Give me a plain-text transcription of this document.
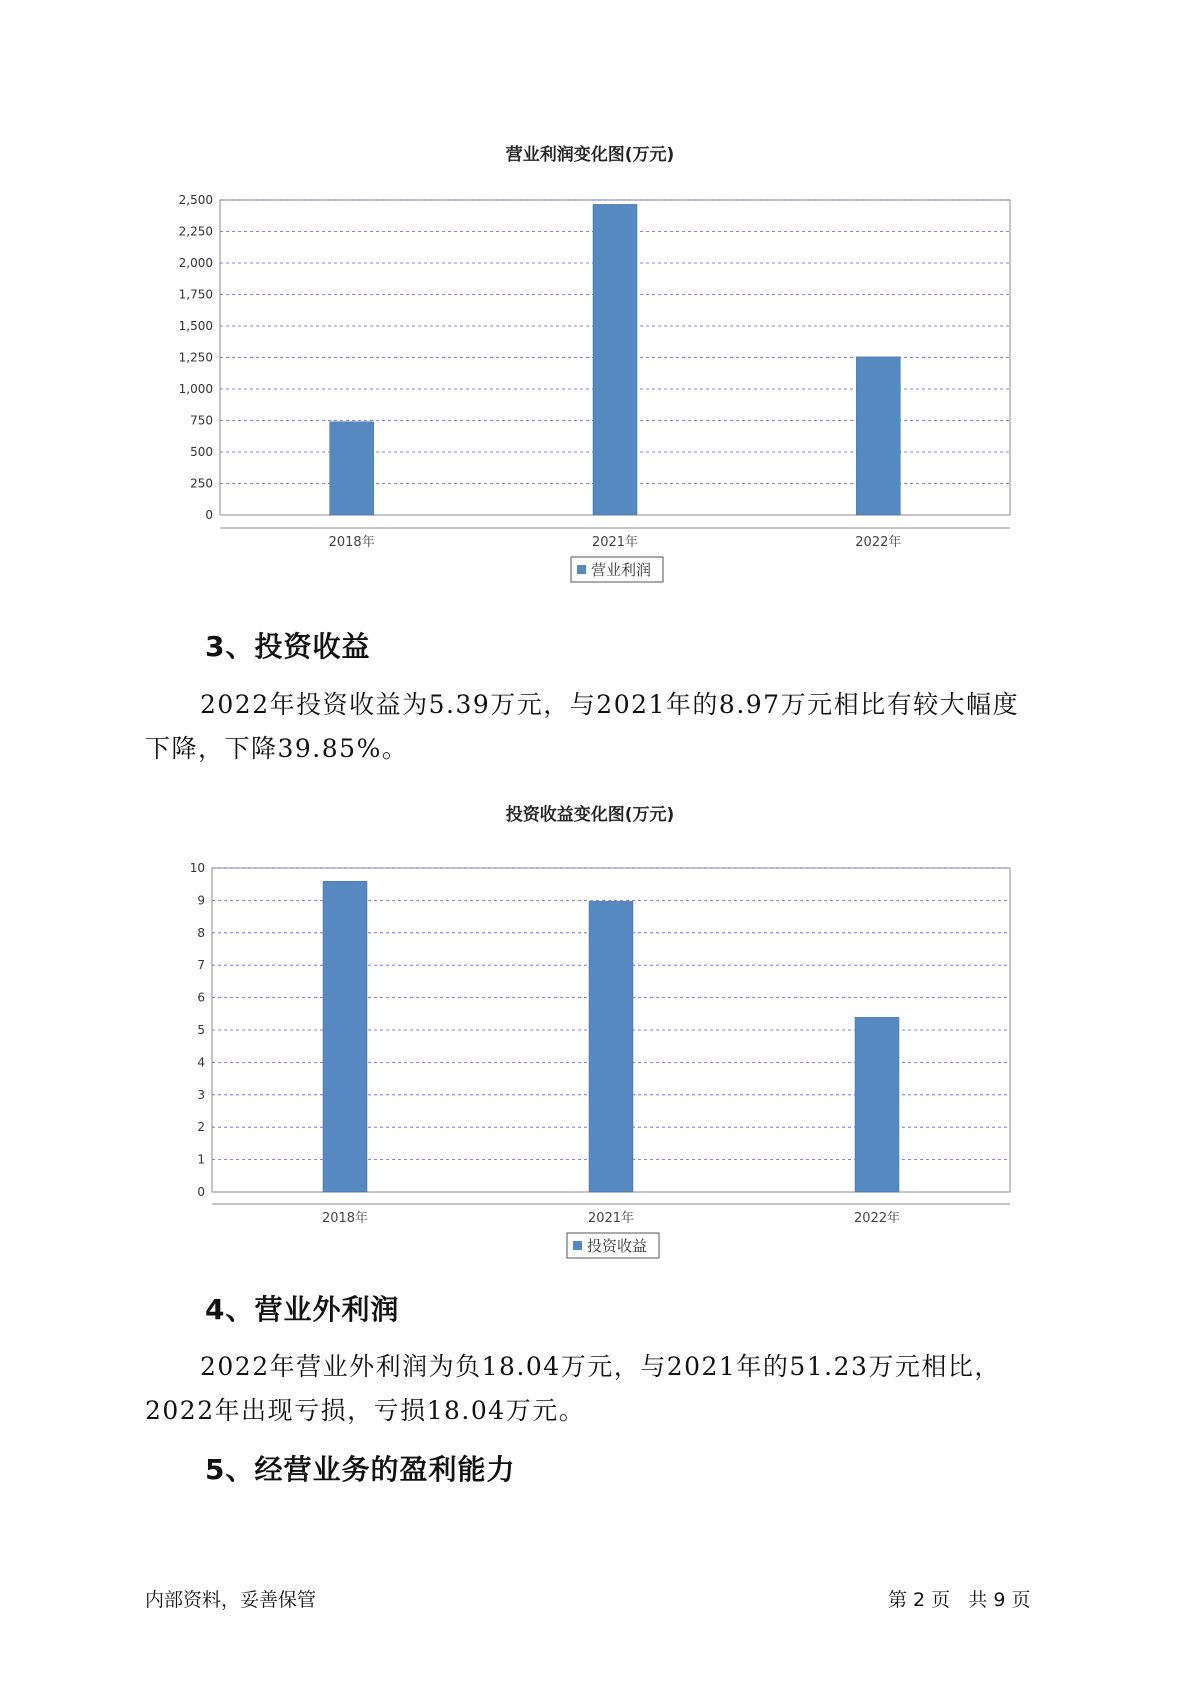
营业利润变化图(万元)
0
250
500
750
1,000
1,250
1,500
1,750
2,000
2,250
2,500
2018年	2021年	2022年
营业利润
3、投资收益
2022年投资收益为5.39万元，与2021年的8.97万元相比有较大幅度下降，下降39.85%。
投资收益变化图(万元)
0
1
2
3
4
5
6
7
8
9
10
2018年	2021年	2022年
投资收益
4、营业外利润
2022年营业外利润为负18.04万元，与2021年的51.23万元相比，2022年出现亏损，亏损18.04万元。
5、经营业务的盈利能力
内部资料，妥善保管	第 2 页   共 9 页
